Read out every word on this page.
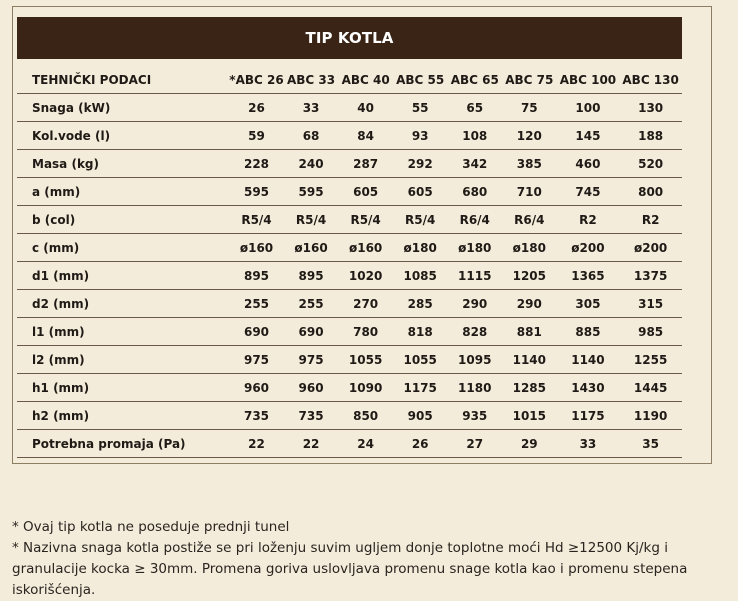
TIP KOTLA
TEHNIČKI PODACI	*ABC 26	ABC 33	ABC 40	ABC 55	ABC 65	ABC 75	ABC 100	ABC 130
Snaga (kW)	26	33	40	55	65	75	100	130
Kol.vode (l)	59	68	84	93	108	120	145	188
Masa (kg)	228	240	287	292	342	385	460	520
a (mm)	595	595	605	605	680	710	745	800
b (col)	R5/4	R5/4	R5/4	R5/4	R6/4	R6/4	R2	R2
c (mm)	ø160	ø160	ø160	ø180	ø180	ø180	ø200	ø200
d1 (mm)	895	895	1020	1085	1115	1205	1365	1375
d2 (mm)	255	255	270	285	290	290	305	315
l1 (mm)	690	690	780	818	828	881	885	985
l2 (mm)	975	975	1055	1055	1095	1140	1140	1255
h1 (mm)	960	960	1090	1175	1180	1285	1430	1445
h2 (mm)	735	735	850	905	935	1015	1175	1190
Potrebna promaja (Pa)	22	22	24	26	27	29	33	35

* Ovaj tip kotla ne poseduje prednji tunel

* Nazivna snaga kotla postiže se pri loženju suvim ugljem donje toplotne moći Hd ≥12500 Kj/kg i granulacije kocka ≥ 30mm. Promena goriva uslovljava promenu snage kotla kao i promenu stepena iskorišćenja.
